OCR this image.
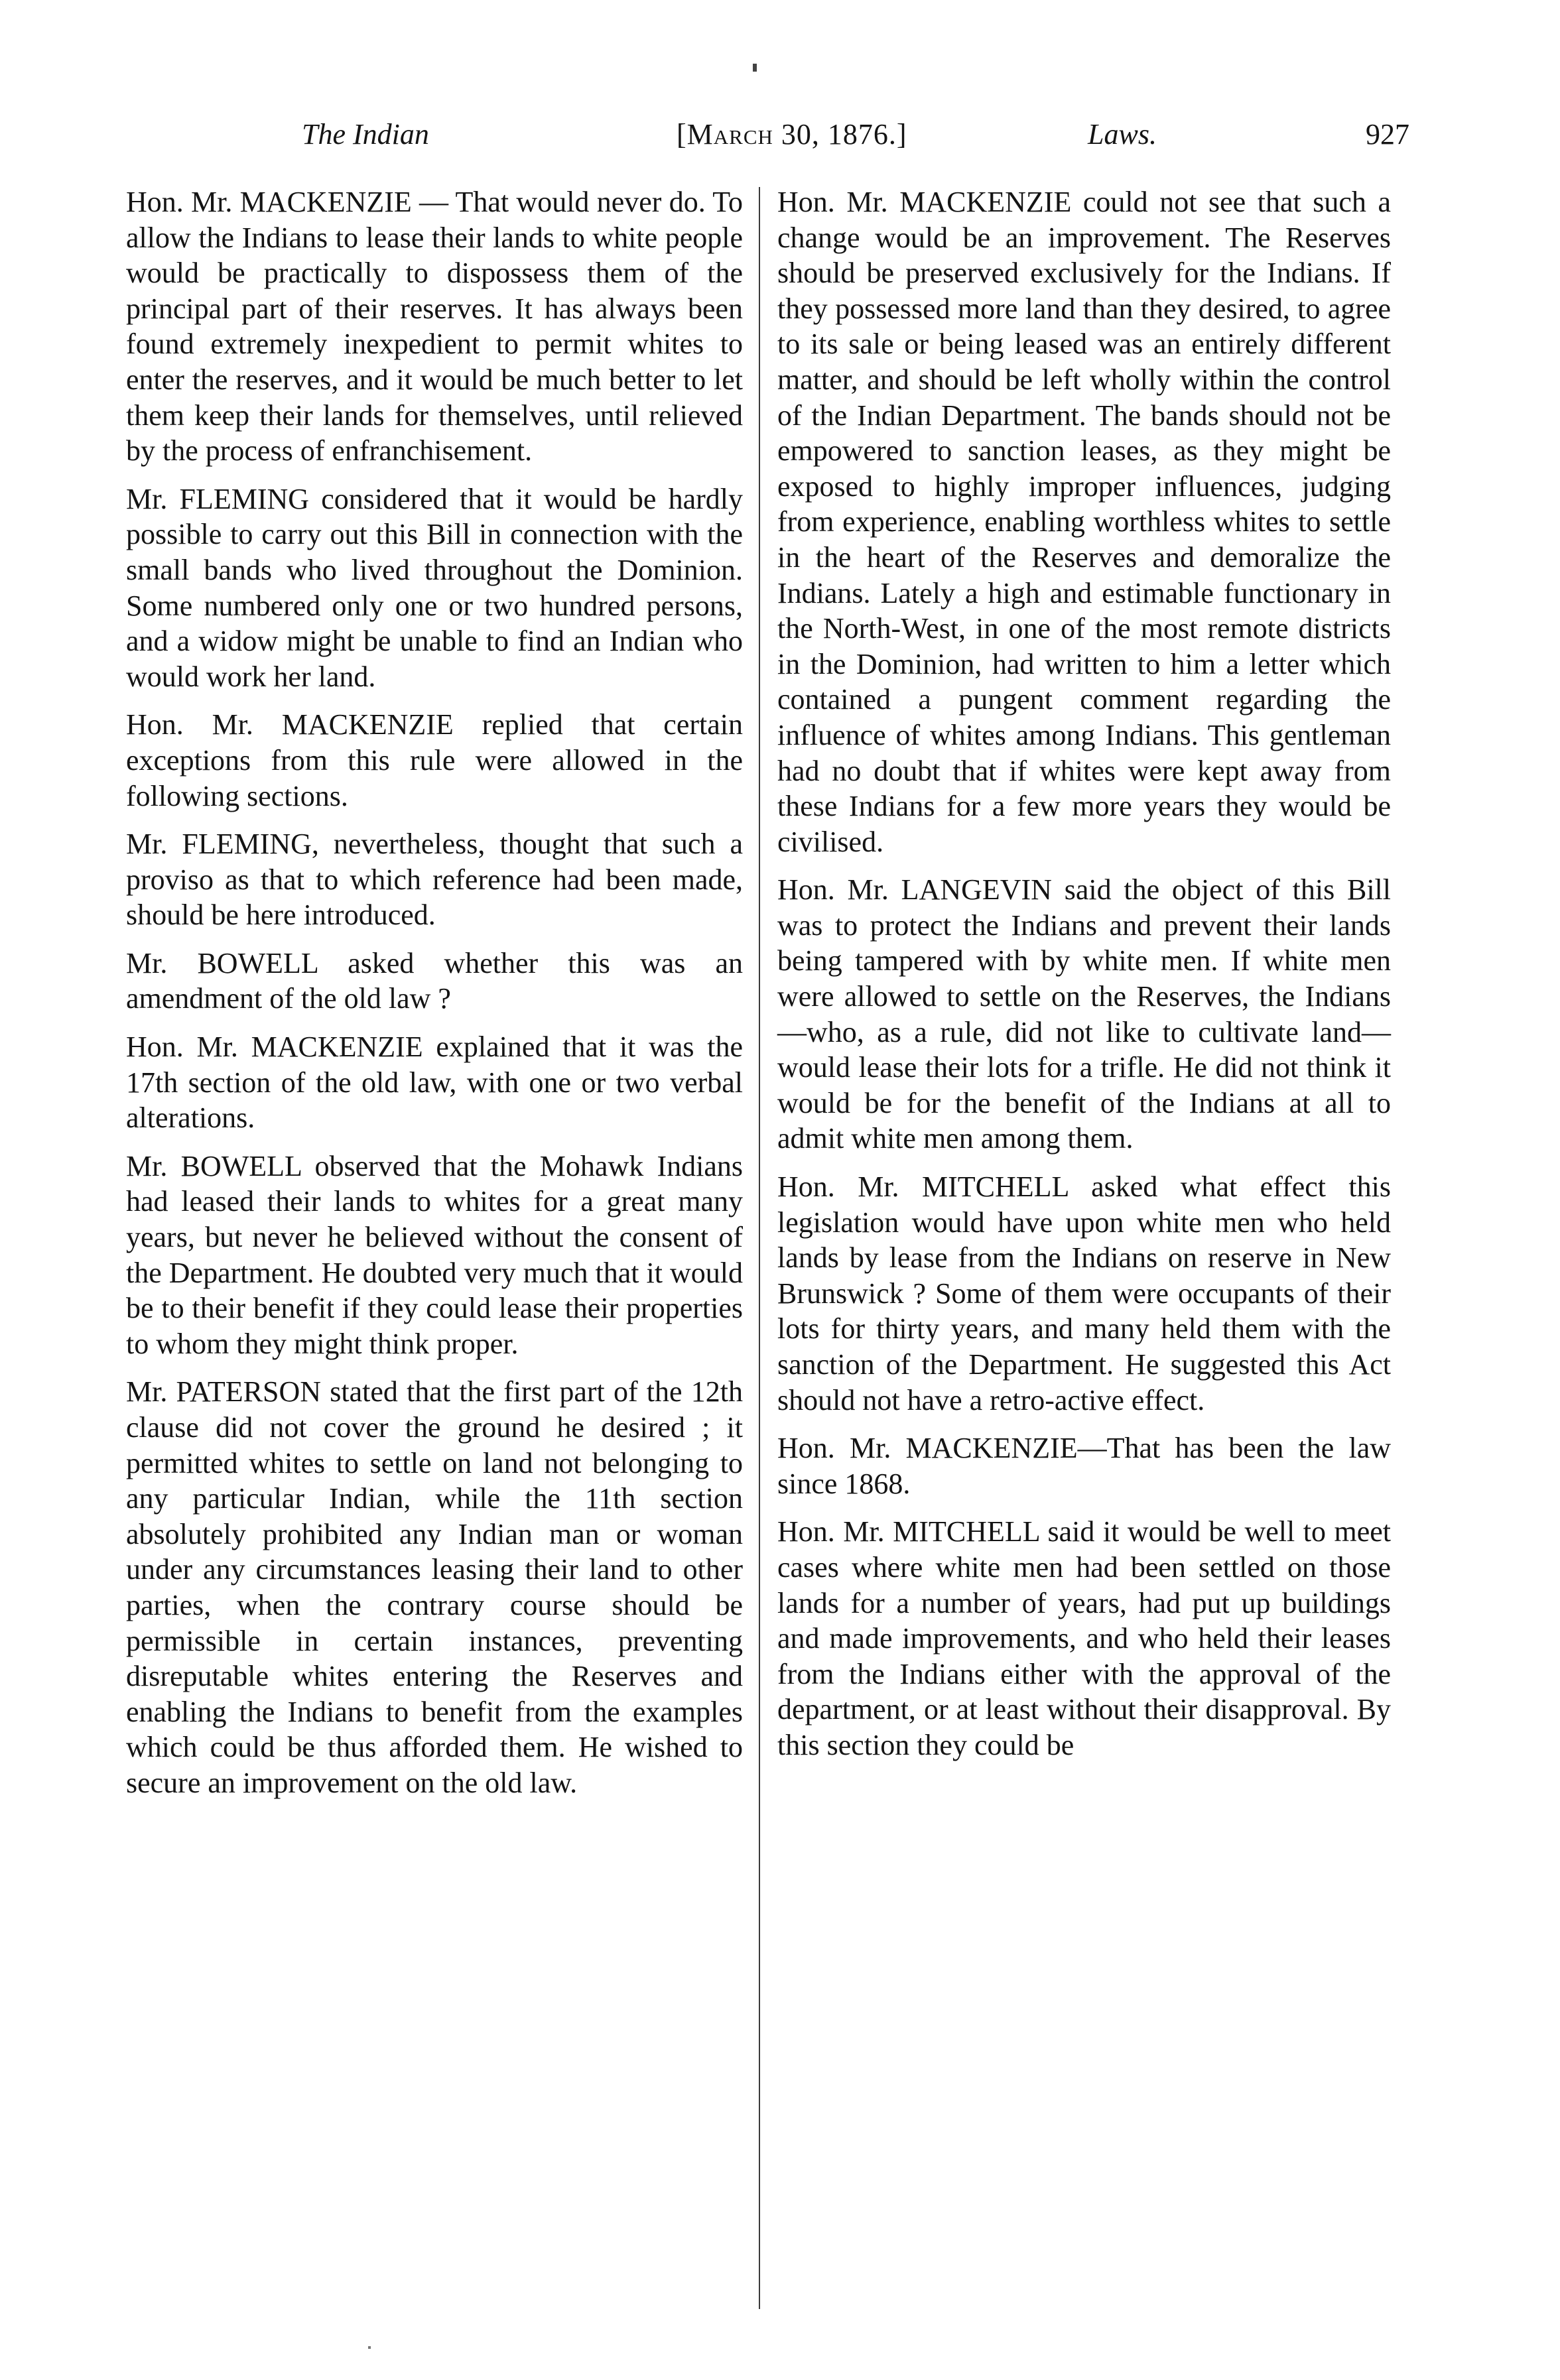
The Indian	[March 30, 1876.]	Laws.	927

Hon. Mr. MACKENZIE — That would never do. To allow the Indians to lease their lands to white people would be practically to dispossess them of the principal part of their reserves. It has always been found extremely inexpedient to permit whites to enter the reserves, and it would be much better to let them keep their lands for themselves, until relieved by the process of enfranchisement.

Mr. FLEMING considered that it would be hardly possible to carry out this Bill in connection with the small bands who lived throughout the Dominion. Some numbered only one or two hundred persons, and a widow might be unable to find an Indian who would work her land.

Hon. Mr. MACKENZIE replied that certain exceptions from this rule were allowed in the following sections.

Mr. FLEMING, nevertheless, thought that such a proviso as that to which reference had been made, should be here introduced.

Mr. BOWELL asked whether this was an amendment of the old law ?

Hon. Mr. MACKENZIE explained that it was the 17th section of the old law, with one or two verbal alterations.

Mr. BOWELL observed that the Mohawk Indians had leased their lands to whites for a great many years, but never he believed without the consent of the Department. He doubted very much that it would be to their benefit if they could lease their properties to whom they might think proper.

Mr. PATERSON stated that the first part of the 12th clause did not cover the ground he desired ; it permitted whites to settle on land not belonging to any particular Indian, while the 11th section absolutely prohibited any Indian man or woman under any circumstances leasing their land to other parties, when the contrary course should be permissible in certain instances, preventing disreputable whites entering the Reserves and enabling the Indians to benefit from the examples which could be thus afforded them. He wished to secure an improvement on the old law.

Hon. Mr. MACKENZIE could not see that such a change would be an improvement. The Reserves should be preserved exclusively for the Indians. If they possessed more land than they desired, to agree to its sale or being leased was an entirely different matter, and should be left wholly within the control of the Indian Department. The bands should not be empowered to sanction leases, as they might be exposed to highly improper influences, judging from experience, enabling worthless whites to settle in the heart of the Reserves and demoralize the Indians. Lately a high and estimable functionary in the North-West, in one of the most remote districts in the Dominion, had written to him a letter which contained a pungent comment regarding the influence of whites among Indians. This gentleman had no doubt that if whites were kept away from these Indians for a few more years they would be civilised.

Hon. Mr. LANGEVIN said the object of this Bill was to protect the Indians and prevent their lands being tampered with by white men. If white men were allowed to settle on the Reserves, the Indians—who, as a rule, did not like to cultivate land—would lease their lots for a trifle. He did not think it would be for the benefit of the Indians at all to admit white men among them.

Hon. Mr. MITCHELL asked what effect this legislation would have upon white men who held lands by lease from the Indians on reserve in New Brunswick ? Some of them were occupants of their lots for thirty years, and many held them with the sanction of the Department. He suggested this Act should not have a retro-active effect.

Hon. Mr. MACKENZIE—That has been the law since 1868.

Hon. Mr. MITCHELL said it would be well to meet cases where white men had been settled on those lands for a number of years, had put up buildings and made improvements, and who held their leases from the Indians either with the approval of the department, or at least without their disapproval. By this section they could be
